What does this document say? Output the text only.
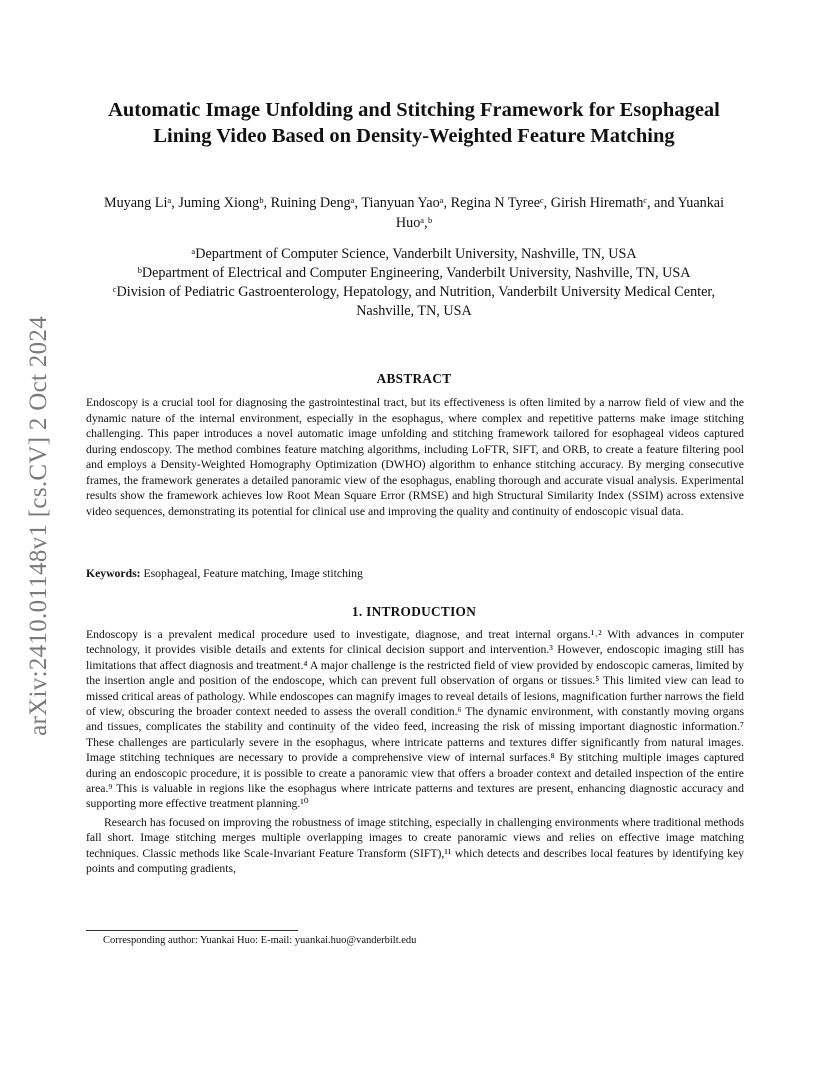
arXiv:2410.01148v1 [cs.CV] 2 Oct 2024
Automatic Image Unfolding and Stitching Framework for Esophageal Lining Video Based on Density-Weighted Feature Matching
Muyang Liᵃ, Juming Xiongᵇ, Ruining Dengᵃ, Tianyuan Yaoᵃ, Regina N Tyreeᶜ, Girish Hiremathᶜ, and Yuankai Huoᵃ,ᵇ
ᵃDepartment of Computer Science, Vanderbilt University, Nashville, TN, USA
ᵇDepartment of Electrical and Computer Engineering, Vanderbilt University, Nashville, TN, USA
ᶜDivision of Pediatric Gastroenterology, Hepatology, and Nutrition, Vanderbilt University Medical Center, Nashville, TN, USA
ABSTRACT
Endoscopy is a crucial tool for diagnosing the gastrointestinal tract, but its effectiveness is often limited by a narrow field of view and the dynamic nature of the internal environment, especially in the esophagus, where complex and repetitive patterns make image stitching challenging. This paper introduces a novel automatic image unfolding and stitching framework tailored for esophageal videos captured during endoscopy. The method combines feature matching algorithms, including LoFTR, SIFT, and ORB, to create a feature filtering pool and employs a Density-Weighted Homography Optimization (DWHO) algorithm to enhance stitching accuracy. By merging consecutive frames, the framework generates a detailed panoramic view of the esophagus, enabling thorough and accurate visual analysis. Experimental results show the framework achieves low Root Mean Square Error (RMSE) and high Structural Similarity Index (SSIM) across extensive video sequences, demonstrating its potential for clinical use and improving the quality and continuity of endoscopic visual data.
Keywords: Esophageal, Feature matching, Image stitching
1. INTRODUCTION

Endoscopy is a prevalent medical procedure used to investigate, diagnose, and treat internal organs.¹˒² With advances in computer technology, it provides visible details and extents for clinical decision support and intervention.³ However, endoscopic imaging still has limitations that affect diagnosis and treatment.⁴ A major challenge is the restricted field of view provided by endoscopic cameras, limited by the insertion angle and position of the endoscope, which can prevent full observation of organs or tissues.⁵ This limited view can lead to missed critical areas of pathology. While endoscopes can magnify images to reveal details of lesions, magnification further narrows the field of view, obscuring the broader context needed to assess the overall condition.⁶ The dynamic environment, with constantly moving organs and tissues, complicates the stability and continuity of the video feed, increasing the risk of missing important diagnostic information.⁷ These challenges are particularly severe in the esophagus, where intricate patterns and textures differ significantly from natural images. Image stitching techniques are necessary to provide a comprehensive view of internal surfaces.⁸ By stitching multiple images captured during an endoscopic procedure, it is possible to create a panoramic view that offers a broader context and detailed inspection of the entire area.⁹ This is valuable in regions like the esophagus where intricate patterns and textures are present, enhancing diagnostic accuracy and supporting more effective treatment planning.¹⁰

Research has focused on improving the robustness of image stitching, especially in challenging environments where traditional methods fall short. Image stitching merges multiple overlapping images to create panoramic views and relies on effective image matching techniques. Classic methods like Scale-Invariant Feature Transform (SIFT),¹¹ which detects and describes local features by identifying key points and computing gradients,

Corresponding author: Yuankai Huo: E-mail: yuankai.huo@vanderbilt.edu
